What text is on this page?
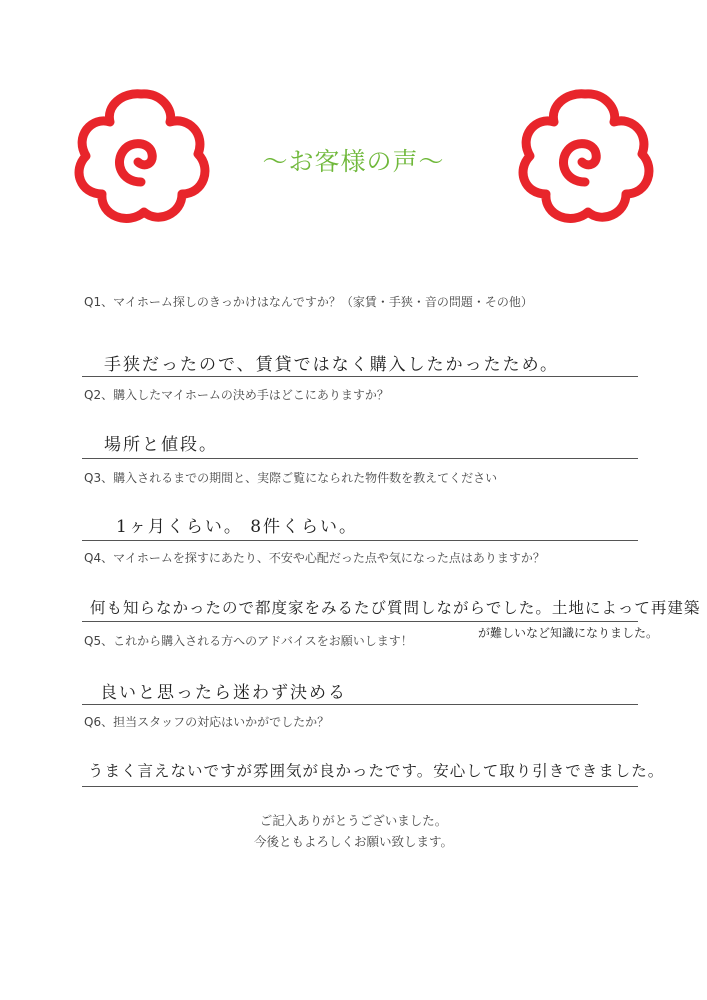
〜お客様の声〜
Q1、マイホーム探しのきっかけはなんですか？（家賃・手狭・音の問題・その他）
手狭だったので、賃貸ではなく購入したかったため。
Q2、購入したマイホームの決め手はどこにありますか？
場所と値段。
Q3、購入されるまでの期間と、実際ご覧になられた物件数を教えてください
1ヶ月くらい。 8件くらい。
Q4、マイホームを探すにあたり、不安や心配だった点や気になった点はありますか？
何も知らなかったので都度家をみるたび質問しながらでした。土地によって再建築
が難しいなど知識になりました。
Q5、これから購入される方へのアドバイスをお願いします！
良いと思ったら迷わず決める
Q6、担当スタッフの対応はいかがでしたか？
うまく言えないですが雰囲気が良かったです。安心して取り引きできました。
ご記入ありがとうございました。
今後ともよろしくお願い致します。
